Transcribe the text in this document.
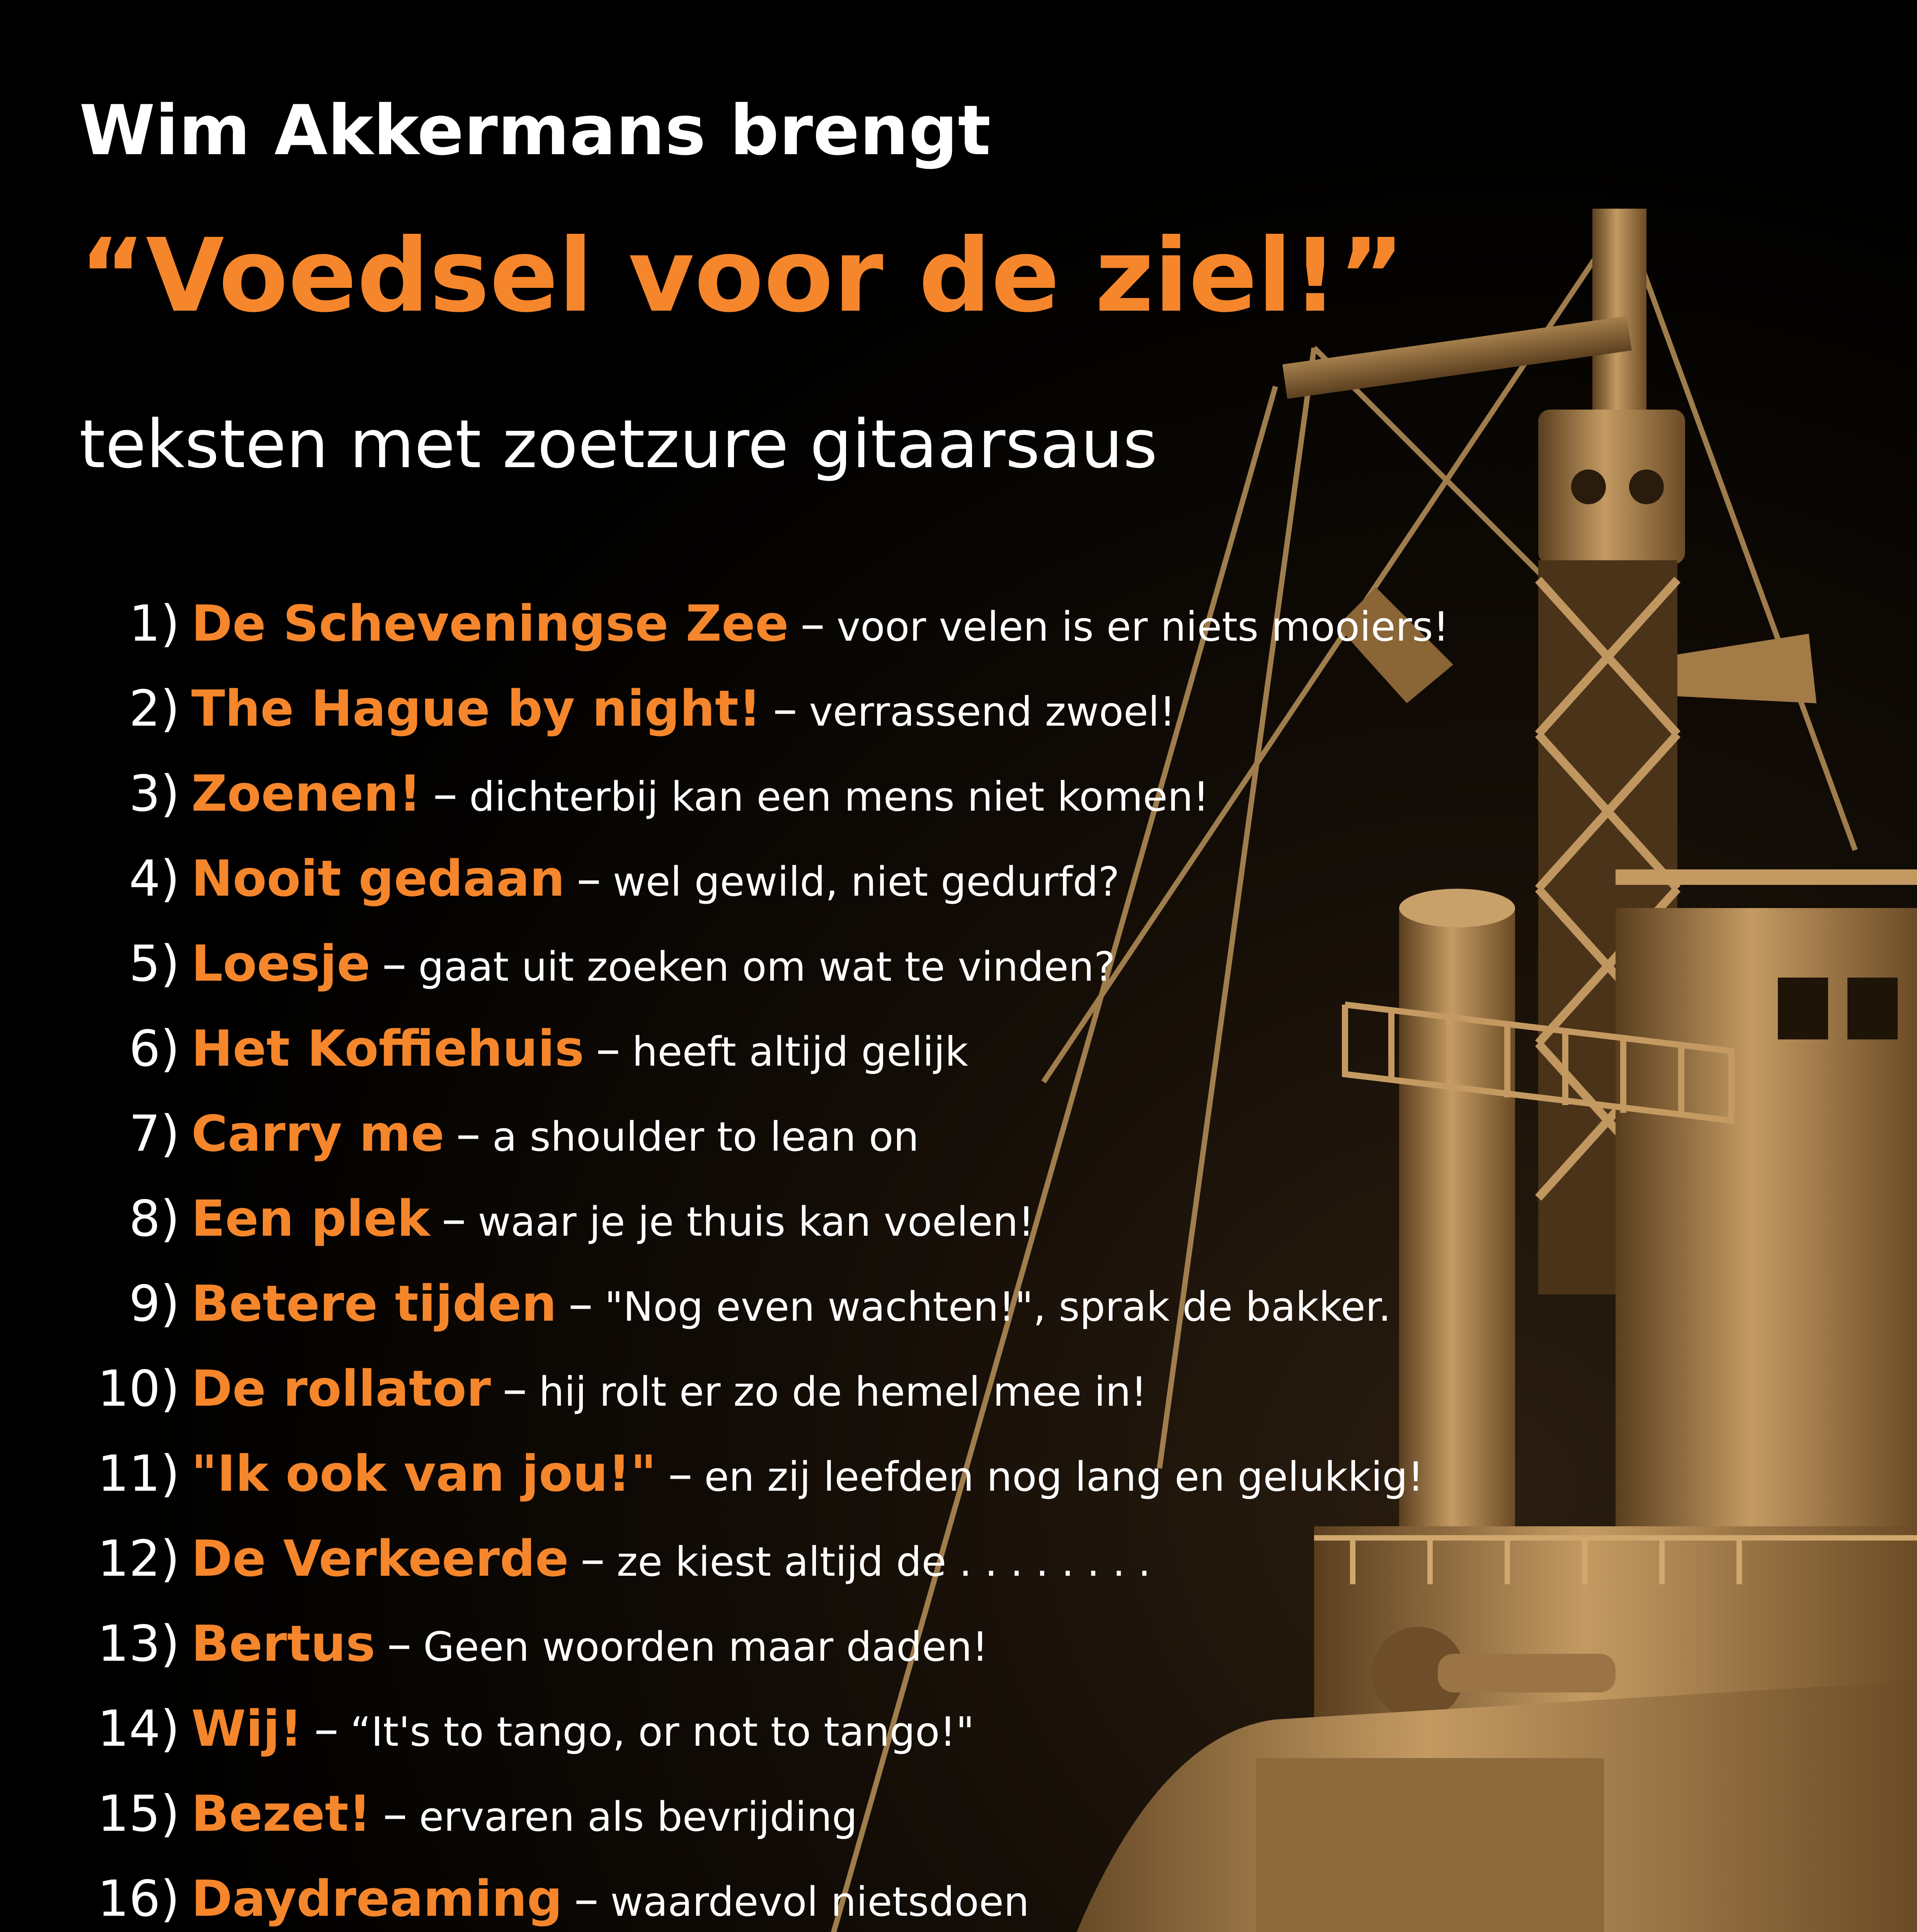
Wim Akkermans brengt
“Voedsel voor de ziel!”

teksten met zoetzure gitaarsaus

1) De Scheveningse Zee – voor velen is er niets mooiers!
2) The Hague by night! – verrassend zwoel!
3) Zoenen! – dichterbij kan een mens niet komen!
4) Nooit gedaan – wel gewild, niet gedurfd?
5) Loesje – gaat uit zoeken om wat te vinden?
6) Het Koffiehuis – heeft altijd gelijk
7) Carry me – a shoulder to lean on
8) Een plek – waar je je thuis kan voelen!
9) Betere tijden – "Nog even wachten!", sprak de bakker.
10) De rollator – hij rolt er zo de hemel mee in!
11) "Ik ook van jou!" – en zij leefden nog lang en gelukkig!
12) De Verkeerde – ze kiest altijd de . . . . . . . .
13) Bertus – Geen woorden maar daden!
14) Wij! – “It's to tango, or not to tango!"
15) Bezet! – ervaren als bevrijding
16) Daydreaming – waardevol nietsdoen
